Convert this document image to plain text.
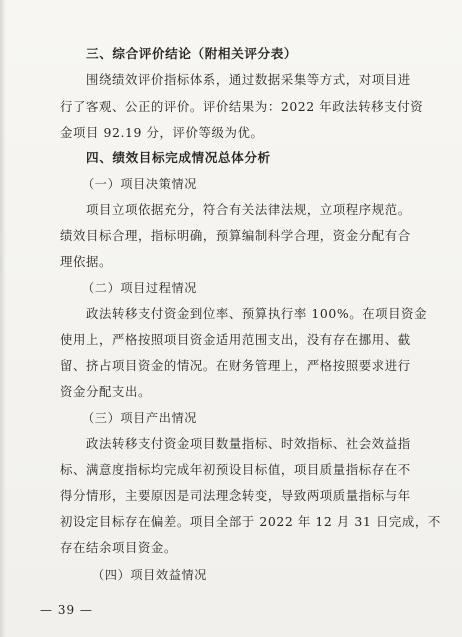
三、综合评价结论（附相关评分表）
围绕绩效评价指标体系，通过数据采集等方式，对项目进
行了客观、公正的评价。评价结果为：2022 年政法转移支付资
金项目 92.19 分，评价等级为优。
四、绩效目标完成情况总体分析
（一）项目决策情况
项目立项依据充分，符合有关法律法规，立项程序规范。
绩效目标合理，指标明确，预算编制科学合理，资金分配有合
理依据。
（二）项目过程情况
政法转移支付资金到位率、预算执行率 100%。在项目资金
使用上，严格按照项目资金适用范围支出，没有存在挪用、截
留、挤占项目资金的情况。在财务管理上，严格按照要求进行
资金分配支出。
（三）项目产出情况
政法转移支付资金项目数量指标、时效指标、社会效益指
标、满意度指标均完成年初预设目标值，项目质量指标存在不
得分情形，主要原因是司法理念转变，导致两项质量指标与年
初设定目标存在偏差。项目全部于 2022 年 12 月 31 日完成，不
存在结余项目资金。
（四）项目效益情况
— 39 —
